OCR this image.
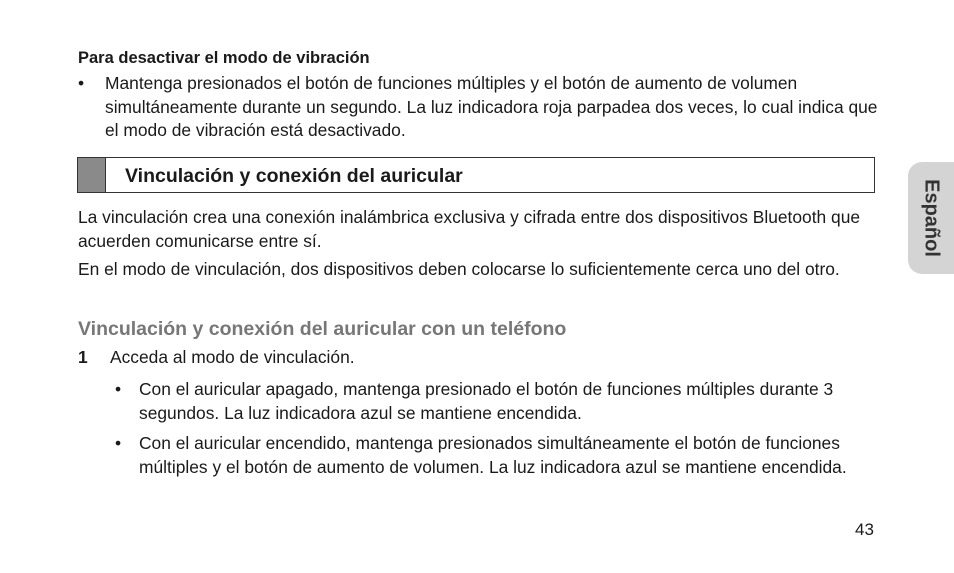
Para desactivar el modo de vibración
• Mantenga presionados el botón de funciones múltiples y el botón de aumento de volumen simultáneamente durante un segundo. La luz indicadora roja parpadea dos veces, lo cual indica que el modo de vibración está desactivado.
Vinculación y conexión del auricular
La vinculación crea una conexión inalámbrica exclusiva y cifrada entre dos dispositivos Bluetooth que acuerden comunicarse entre sí.
En el modo de vinculación, dos dispositivos deben colocarse lo suficientemente cerca uno del otro.
Vinculación y conexión del auricular con un teléfono
1 Acceda al modo de vinculación.
• Con el auricular apagado, mantenga presionado el botón de funciones múltiples durante 3 segundos. La luz indicadora azul se mantiene encendida.
• Con el auricular encendido, mantenga presionados simultáneamente el botón de funciones múltiples y el botón de aumento de volumen. La luz indicadora azul se mantiene encendida.
Español
43
